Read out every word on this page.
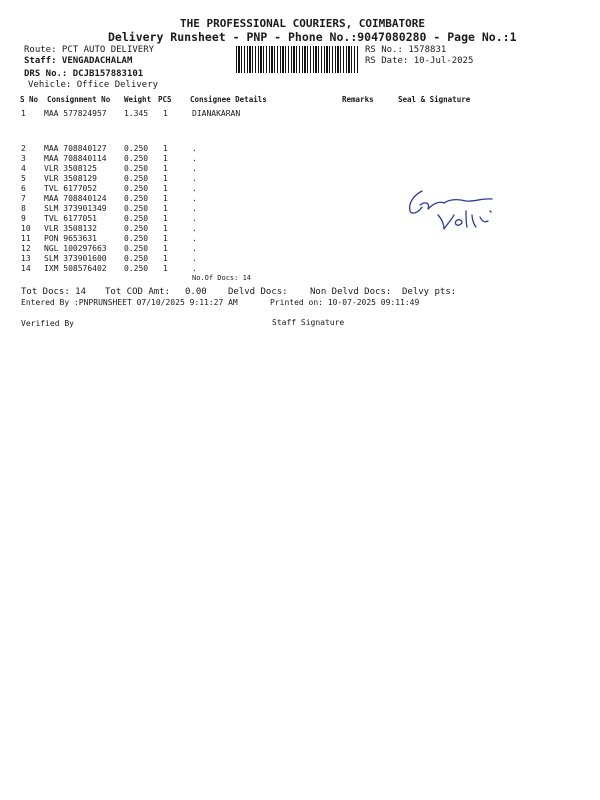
THE PROFESSIONAL COURIERS, COIMBATORE
Delivery Runsheet - PNP - Phone No.:9047080280 - Page No.:1
Route: PCT AUTO DELIVERY
Staff: VENGADACHALAM
DRS No.: DCJB157883101
Vehicle: Office Delivery
RS No.: 1578831
RS Date: 10-Jul-2025
S No Consignment No Weight PCS Consignee Details	Remarks	Seal & Signature
1 MAA 577824957 1.345 1	DIANAKARAN
2 MAA 708840127 0.250 1	.
3 MAA 708840114 0.250 1	.
4 VLR 3508125	0.250 1	.
5 VLR 3508129	0.250 1	.
6 TVL 6177052	0.250 1	.
7 MAA 708840124 0.250 1	.
8 SLM 373901349 0.250 1	.
9 TVL 6177051	0.250 1	.
10 VLR 3508132	0.250 1	.
11 PON 9653631	0.250 1	.
12 NGL 100297663 0.250 1	.
13 SLM 373901600 0.250 1	.
14 IXM 508576402 0.250 1	.
No.Of Docs: 14
Tot Docs: 14 Tot COD Amt: 0.00 Delvd Docs: Non Delvd Docs: Delvy pts:
Entered By :PNPRUNSHEET 07/10/2025 9:11:27 AM	Printed on: 10-07-2025 09:11:49
Verified By	Staff Signature
